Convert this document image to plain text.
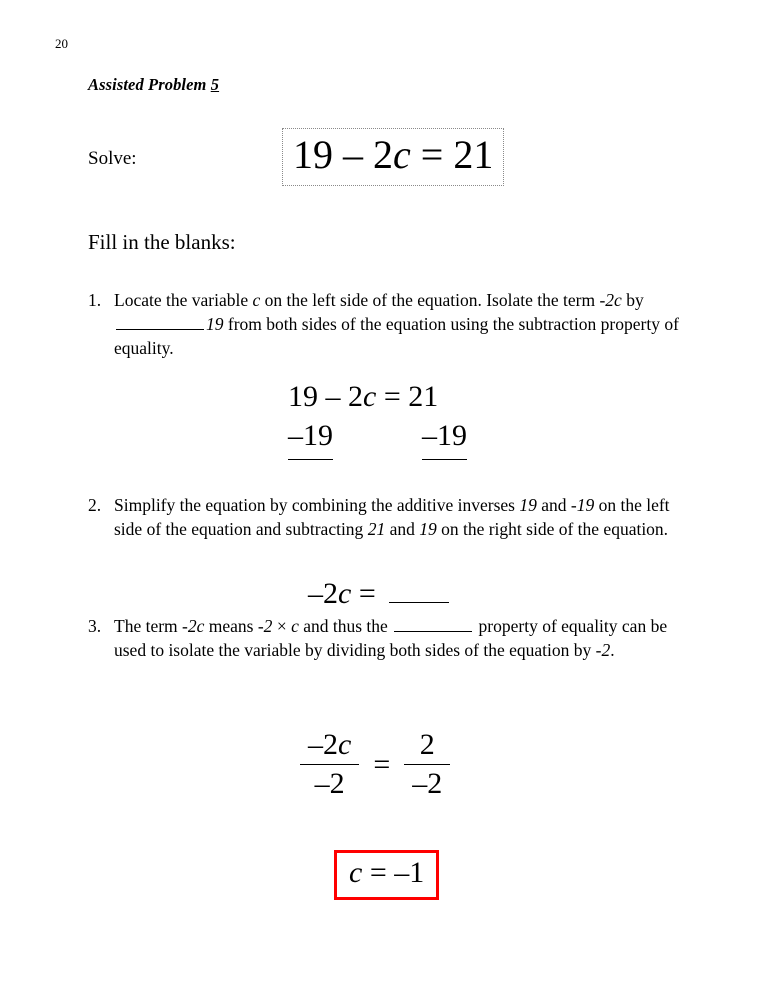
20
Assisted Problem 5
Solve:	19 – 2c = 21
Fill in the blanks:
1. Locate the variable c on the left side of the equation. Isolate the term -2c by 19 from both sides of the equation using the subtraction property of equality.
2. Simplify the equation by combining the additive inverses 19 and -19 on the left side of the equation and subtracting 21 and 19 on the right side of the equation.
3. The term -2c means -2 × c and thus the	property of equality can be used to isolate the variable by dividing both sides of the equation by -2.
19 – 2c = 21
–19	–19
–2c =
$\frac{-2c}{-2} = \frac{2}{-2}$
c = –1
